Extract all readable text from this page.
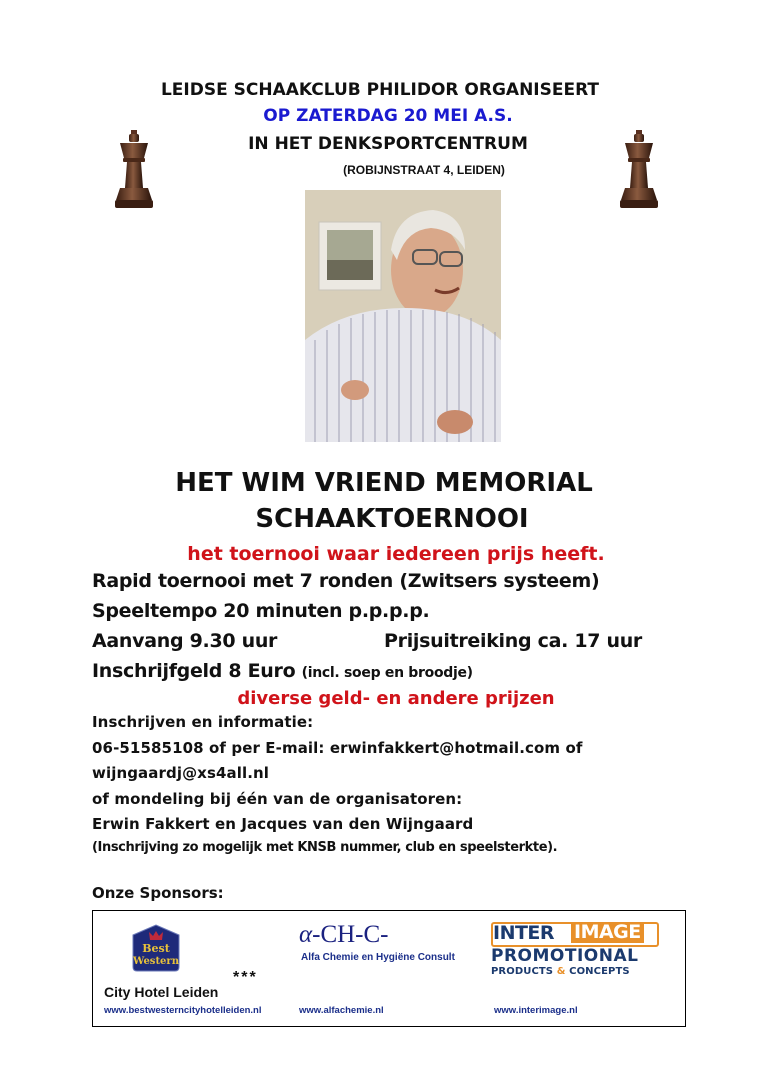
LEIDSE SCHAAKCLUB PHILIDOR ORGANISEERT
OP ZATERDAG 20 MEI A.S.
IN HET DENKSPORTCENTRUM
(ROBIJNSTRAAT 4, LEIDEN)
HET WIM VRIEND MEMORIAL
SCHAAKTOERNOOI
het toernooi waar iedereen prijs heeft.
Rapid toernooi met 7 ronden (Zwitsers systeem)
Speeltempo 20 minuten p.p.p.p.
Aanvang 9.30 uur	Prijsuitreiking ca. 17 uur
Inschrijfgeld 8 Euro (incl. soep en broodje)
diverse geld- en andere prijzen
Inschrijven en informatie:
06-51585108 of per E-mail: erwinfakkert@hotmail.com of
wijngaardj@xs4all.nl
of mondeling bij één van de organisatoren:
Erwin Fakkert en Jacques van den Wijngaard
(Inschrijving zo mogelijk met KNSB nummer, club en speelsterkte).
Onze Sponsors:
Best
Western
City Hotel Leiden
***
www.bestwesterncityhotelleiden.nl
α-CH-C-
Alfa Chemie en Hygiëne Consult
www.alfachemie.nl
INTER IMAGE
PROMOTIONAL
PRODUCTS & CONCEPTS
www.interimage.nl
